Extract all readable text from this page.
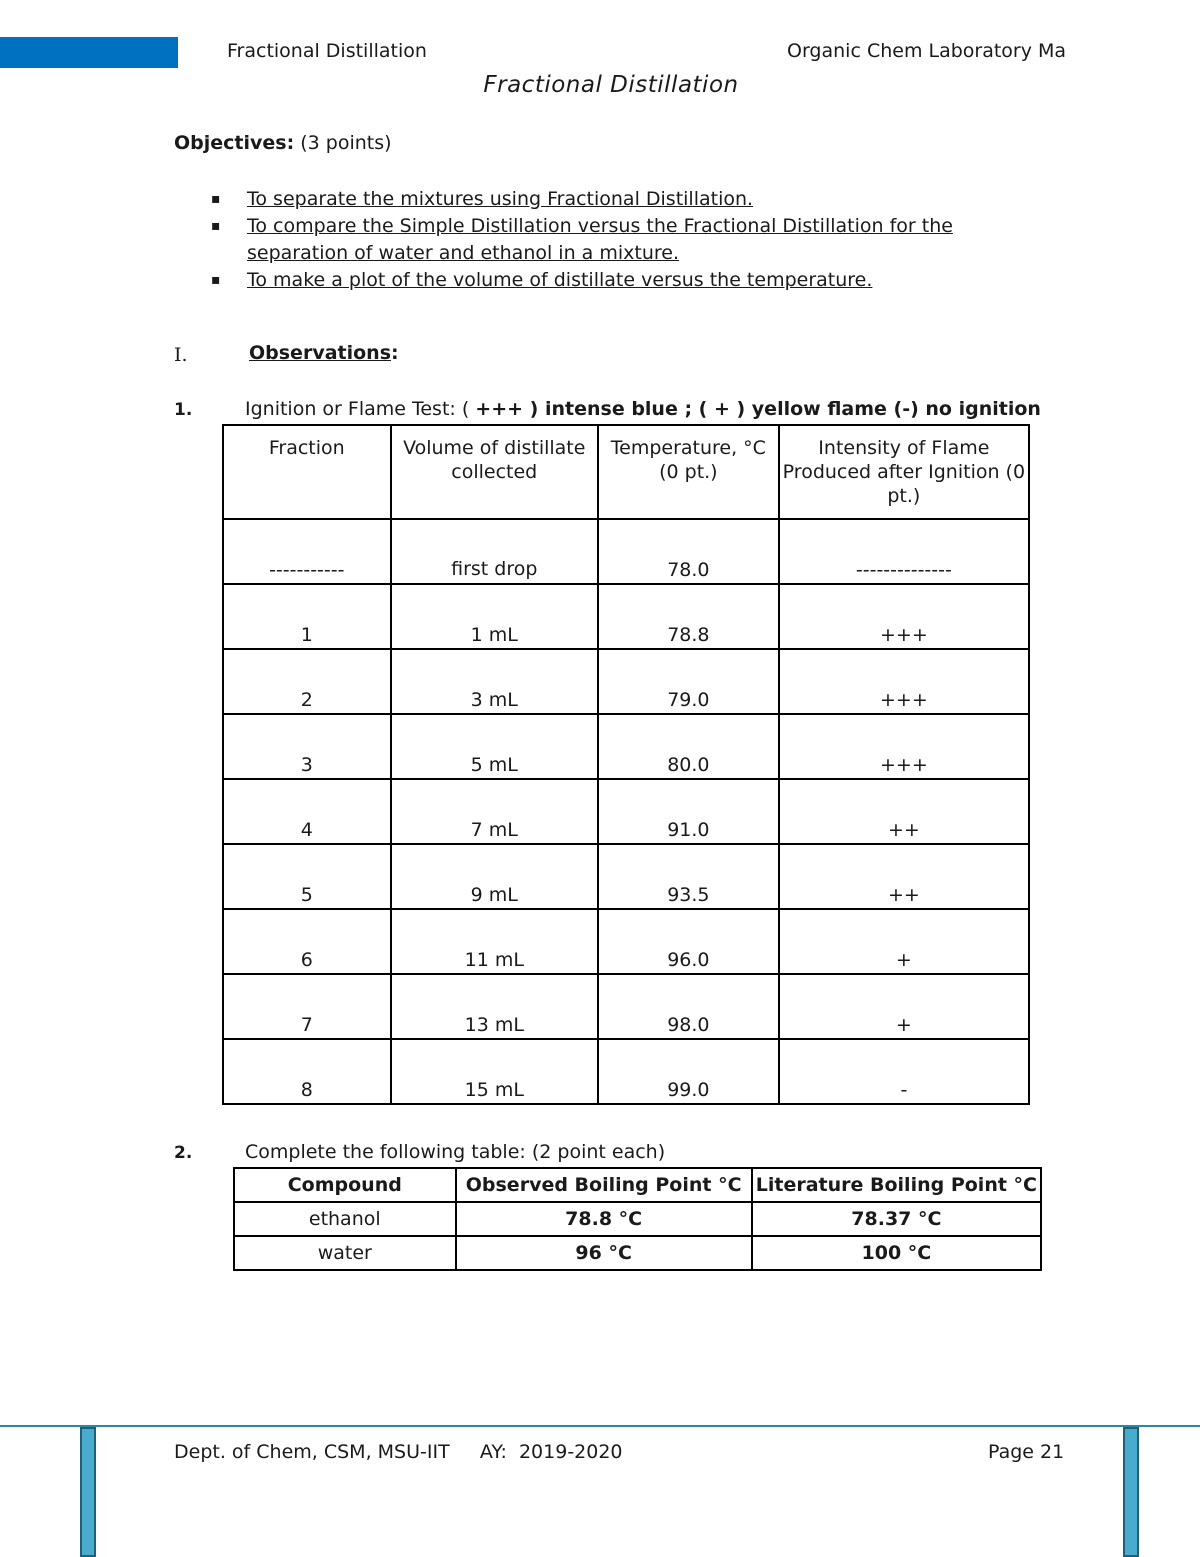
Fractional Distillation	Organic Chem Laboratory Ma
Fractional Distillation
Objectives: (3 points)
▪ To separate the mixtures using Fractional Distillation.
▪ To compare the Simple Distillation versus the Fractional Distillation for the separation of water and ethanol in a mixture.
▪ To make a plot of the volume of distillate versus the temperature.
I.	Observations:
1.	Ignition or Flame Test: ( +++ ) intense blue ; ( + ) yellow flame (-) no ignition
Fraction	Volume of distillate collected	Temperature, °C (0 pt.)	Intensity of Flame Produced after Ignition (0 pt.)
-----------	first drop	78.0	--------------
1	1 mL	78.8	+++
2	3 mL	79.0	+++
3	5 mL	80.0	+++
4	7 mL	91.0	++
5	9 mL	93.5	++
6	11 mL	96.0	+
7	13 mL	98.0	+
8	15 mL	99.0	-
2.	Complete the following table: (2 point each)
Compound	Observed Boiling Point °C	Literature Boiling Point °C
ethanol	78.8 °C	78.37 °C
water	96 °C	100 °C
Dept. of Chem, CSM, MSU-IIT     AY:  2019-2020	Page 21
